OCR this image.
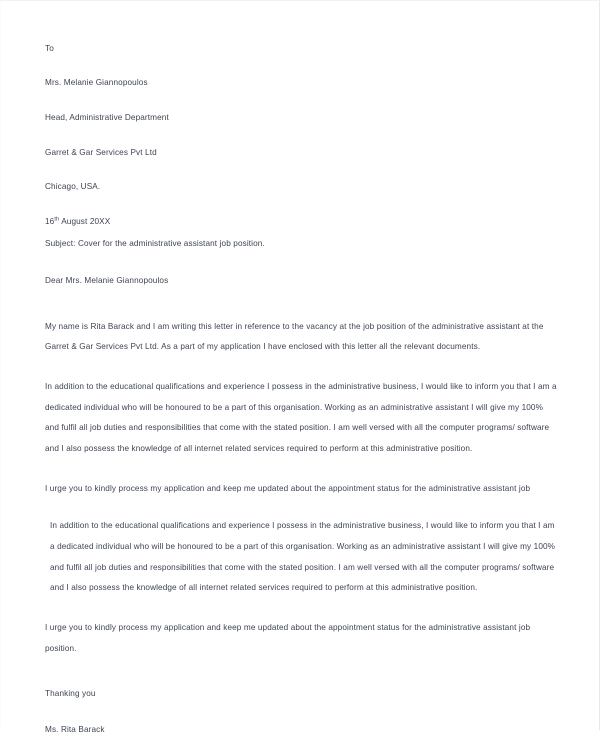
To

Mrs. Melanie Giannopoulos

Head, Administrative Department

Garret & Gar Services Pvt Ltd

Chicago, USA.

16th August 20XX

Subject: Cover for the administrative assistant job position.

Dear Mrs. Melanie Giannopoulos

My name is Rita Barack and I am writing this letter in reference to the vacancy at the job position of the administrative assistant at the Garret & Gar Services Pvt Ltd. As a part of my application I have enclosed with this letter all the relevant documents.

In addition to the educational qualifications and experience I possess in the administrative business, I would like to inform you that I am a dedicated individual who will be honoured to be a part of this organisation. Working as an administrative assistant I will give my 100% and fulfil all job duties and responsibilities that come with the stated position. I am well versed with all the computer programs/ software and I also possess the knowledge of all internet related services required to perform at this administrative position.

I urge you to kindly process my application and keep me updated about the appointment status for the administrative assistant job

In addition to the educational qualifications and experience I possess in the administrative business, I would like to inform you that I am a dedicated individual who will be honoured to be a part of this organisation. Working as an administrative assistant I will give my 100% and fulfil all job duties and responsibilities that come with the stated position. I am well versed with all the computer programs/ software and I also possess the knowledge of all internet related services required to perform at this administrative position.

I urge you to kindly process my application and keep me updated about the appointment status for the administrative assistant job position.

Thanking you

Ms. Rita Barack
